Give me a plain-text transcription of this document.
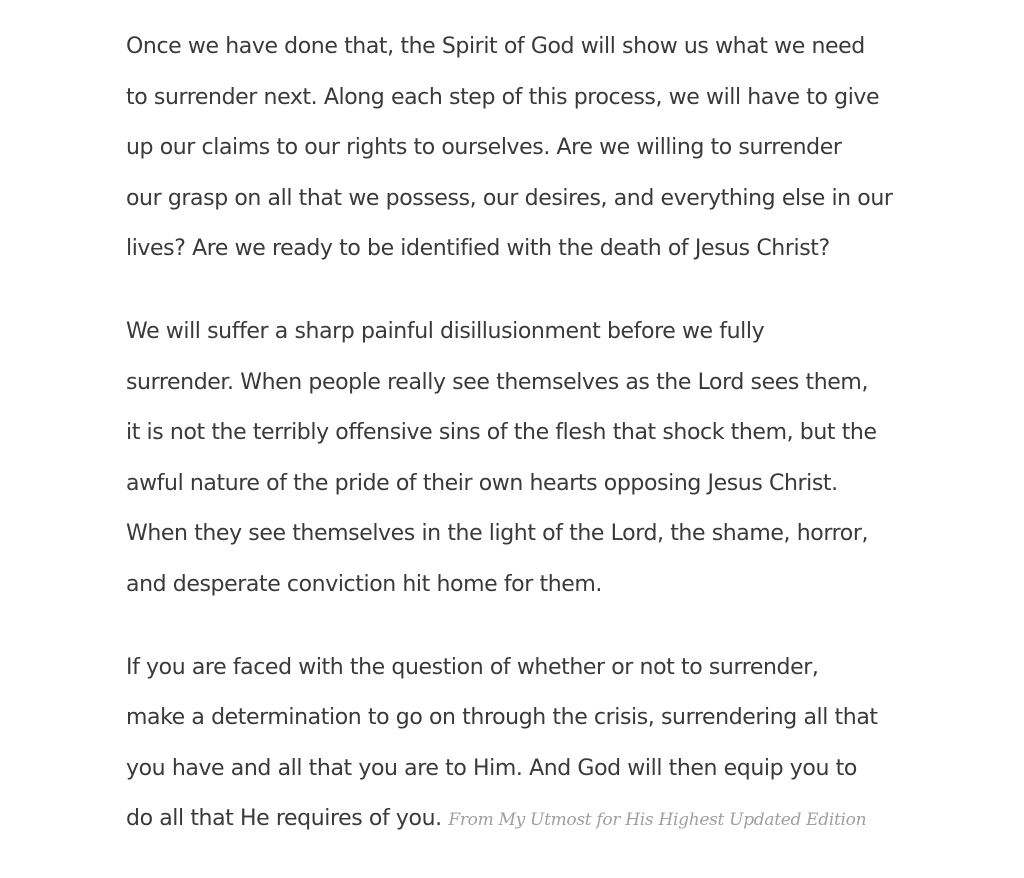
Once we have done that, the Spirit of God will show us what we need
to surrender next. Along each step of this process, we will have to give
up our claims to our rights to ourselves. Are we willing to surrender
our grasp on all that we possess, our desires, and everything else in our
lives? Are we ready to be identified with the death of Jesus Christ?

We will suffer a sharp painful disillusionment before we fully
surrender. When people really see themselves as the Lord sees them,
it is not the terribly offensive sins of the flesh that shock them, but the
awful nature of the pride of their own hearts opposing Jesus Christ.
When they see themselves in the light of the Lord, the shame, horror,
and desperate conviction hit home for them.

If you are faced with the question of whether or not to surrender,
make a determination to go on through the crisis, surrendering all that
you have and all that you are to Him. And God will then equip you to
do all that He requires of you. From My Utmost for His Highest Updated Edition
